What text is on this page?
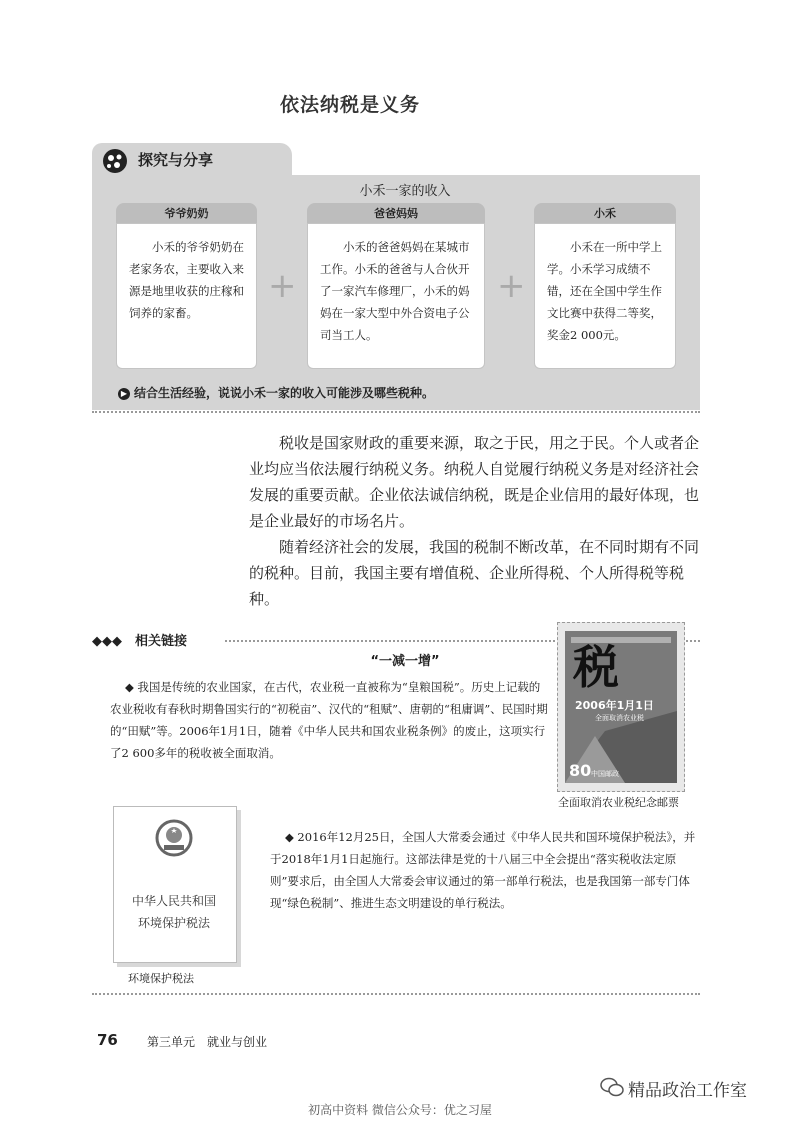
依法纳税是义务
探究与分享
小禾一家的收入
爷爷奶奶
小禾的爷爷奶奶在老家务农，主要收入来源是地里收获的庄稼和饲养的家畜。
+
爸爸妈妈
小禾的爸爸妈妈在某城市工作。小禾的爸爸与人合伙开了一家汽车修理厂，小禾的妈妈在一家大型中外合资电子公司当工人。
+
小禾
小禾在一所中学上学。小禾学习成绩不错，还在全国中学生作文比赛中获得二等奖，奖金2 000元。
▶ 结合生活经验，说说小禾一家的收入可能涉及哪些税种。
税收是国家财政的重要来源，取之于民，用之于民。个人或者企业均应当依法履行纳税义务。纳税人自觉履行纳税义务是对经济社会发展的重要贡献。企业依法诚信纳税，既是企业信用的最好体现，也是企业最好的市场名片。
随着经济社会的发展，我国的税制不断改革，在不同时期有不同的税种。目前，我国主要有增值税、企业所得税、个人所得税等税种。
◆◆◆　 相关链接
“一减一增”
◆ 我国是传统的农业国家，在古代，农业税一直被称为“皇粮国税”。历史上记载的农业税收有春秋时期鲁国实行的“初税亩”、汉代的“租赋”、唐朝的“租庸调”、民国时期的“田赋”等。2006年1月1日，随着《中华人民共和国农业税条例》的废止，这项实行了2 600多年的税收被全面取消。
税
2006年1月1日
全面取消农业税
80 中国邮政
全面取消农业税纪念邮票
中华人民共和国
环境保护税法
环境保护税法
◆ 2016年12月25日，全国人大常委会通过《中华人民共和国环境保护税法》，并于2018年1月1日起施行。这部法律是党的十八届三中全会提出“落实税收法定原则”要求后，由全国人大常委会审议通过的第一部单行税法，也是我国第一部专门体现“绿色税制”、推进生态文明建设的单行税法。
76 第三单元　就业与创业
精品政治工作室
初高中资料 微信公众号：优之习屋
